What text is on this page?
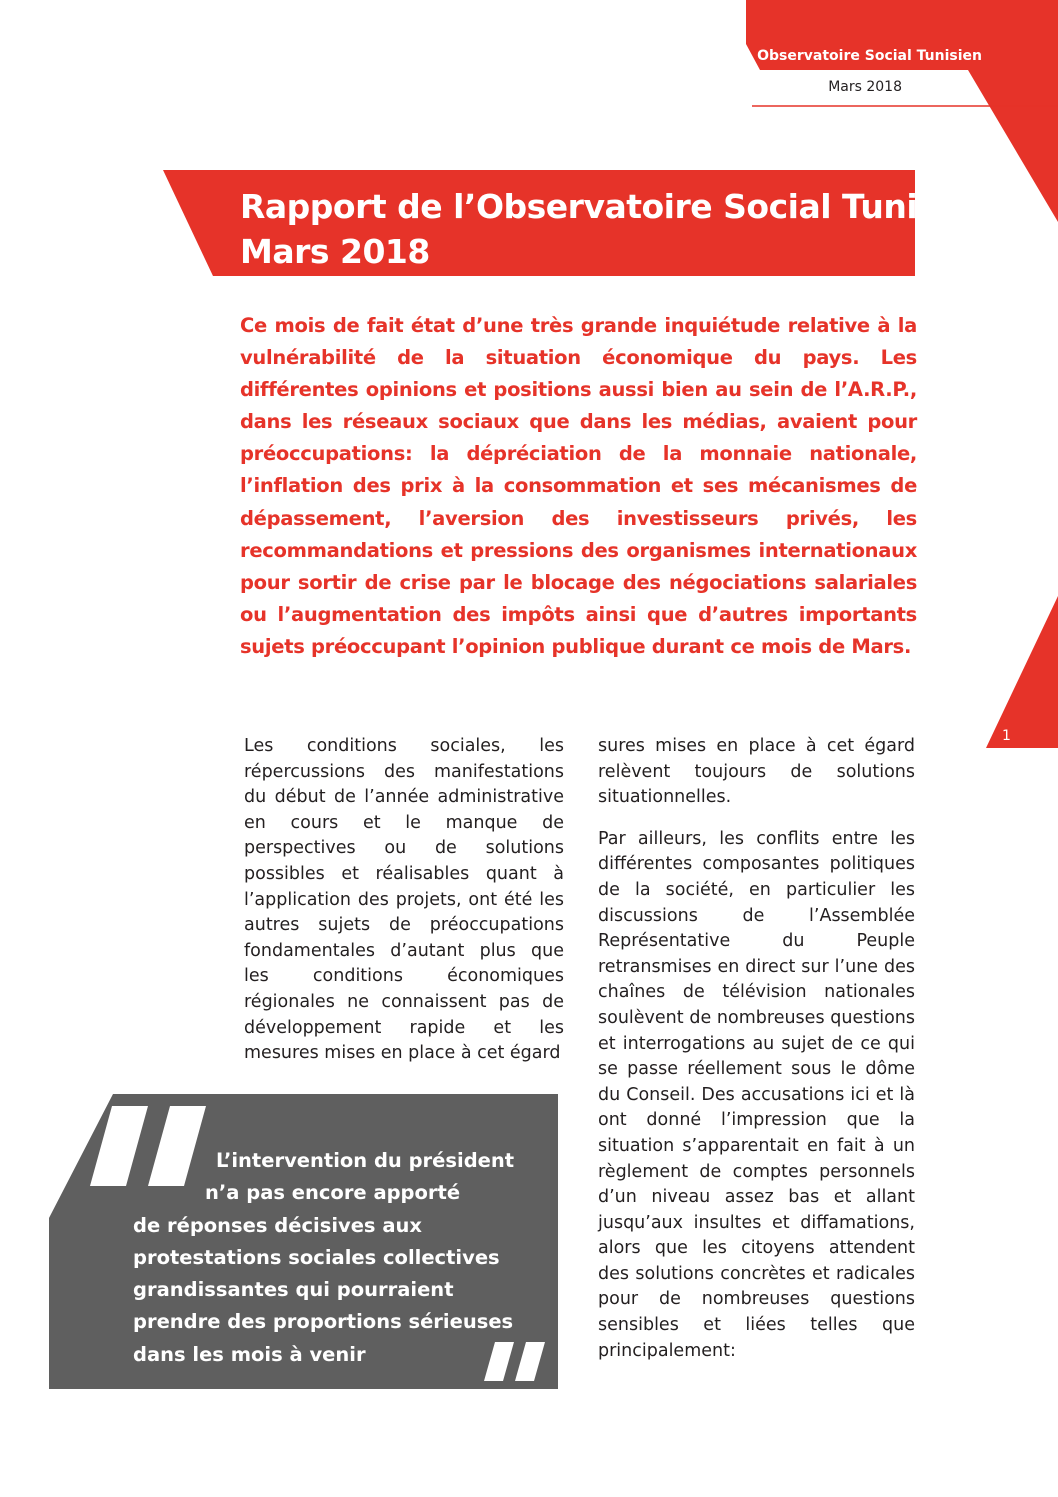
Observatoire Social Tunisien
Mars 2018
Rapport de l’Observatoire Social Tunisien
Mars 2018
Ce mois de fait état d’une très grande inquiétude relative à la vulnérabilité de la situation économique du pays. Les différentes opinions et positions aussi bien au sein de l’A.R.P., dans les réseaux sociaux que dans les médias, avaient pour préoccupations: la dépréciation de la monnaie nationale, l’inflation des prix à la consommation et ses mécanismes de dépassement, l’aversion des investisseurs privés, les recommandations et pressions des organismes internationaux pour sortir de crise par le blocage des négociations salariales ou l’augmentation des impôts ainsi que d’autres importants sujets préoccupant l’opinion publique durant ce mois de Mars.
1

Les conditions sociales, les répercussions des manifestations du début de l’année administrative en cours et le manque de perspectives ou de solutions possibles et réalisables quant à l’application des projets, ont été les autres sujets de préoccupations fondamentales d’autant plus que les conditions économiques régionales ne connaissent pas de développement rapide et les mesures mises en place à cet égard

sures mises en place à cet égard relèvent toujours de solutions situationnelles.

Par ailleurs, les conflits entre les différentes composantes politiques de la société, en particulier les discussions de l’Assemblée Représentative du Peuple retransmises en direct sur l’une des chaînes de télévision nationales soulèvent de nombreuses questions et interrogations au sujet de ce qui se passe réellement sous le dôme du Conseil. Des accusations ici et là ont donné l’impression que la situation s’apparentait en fait à un règlement de comptes personnels d’un niveau assez bas et allant jusqu’aux insultes et diffamations, alors que les citoyens attendent des solutions concrètes et radicales pour de nombreuses questions sensibles et liées telles que principalement:

L’intervention du président
n’a pas encore apporté
de réponses décisives aux
protestations sociales collectives
grandissantes qui pourraient
prendre des proportions sérieuses
dans les mois à venir
